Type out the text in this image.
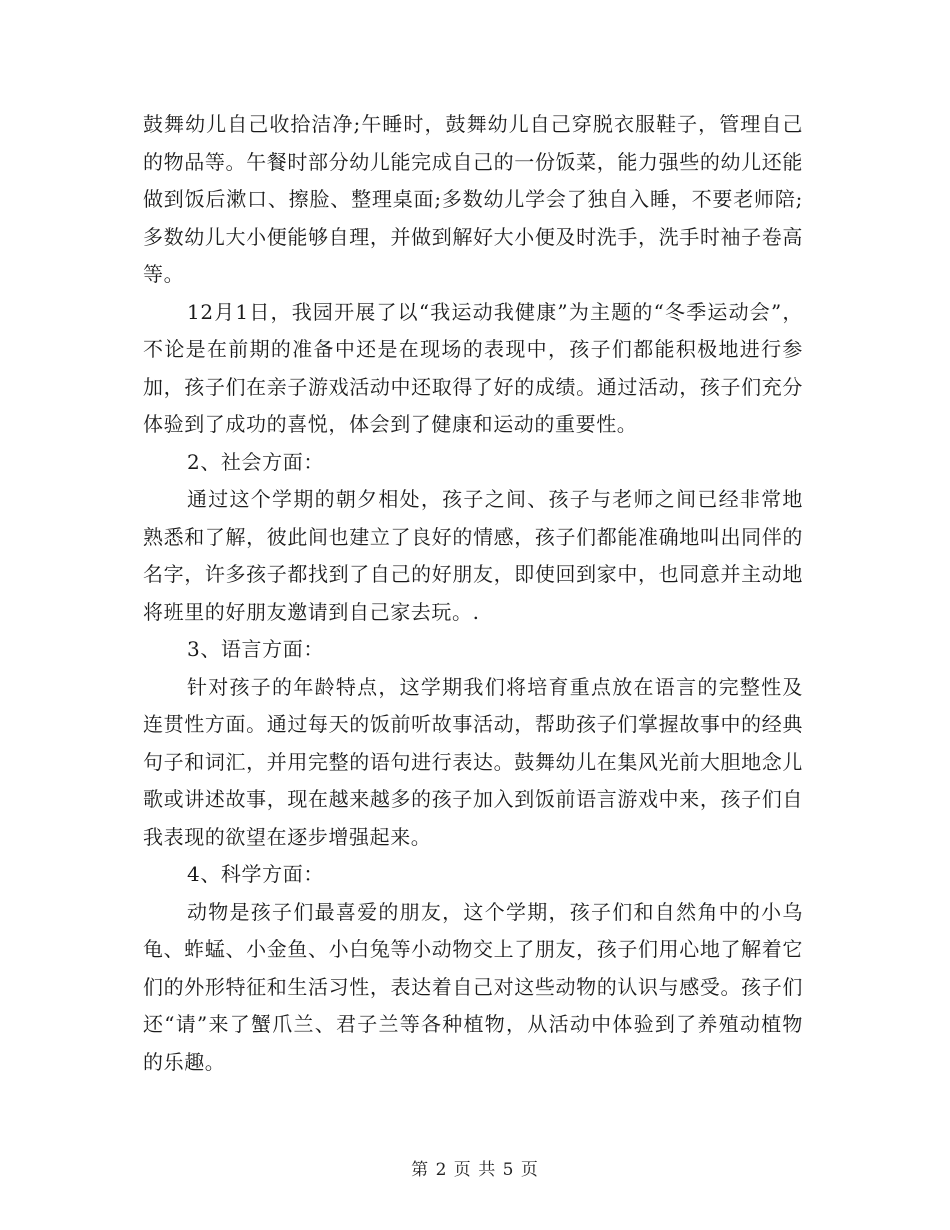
鼓舞幼儿自己收拾洁净;午睡时，鼓舞幼儿自己穿脱衣服鞋子，管理自己的物品等。午餐时部分幼儿能完成自己的一份饭菜，能力强些的幼儿还能做到饭后漱口、擦脸、整理桌面;多数幼儿学会了独自入睡，不要老师陪;多数幼儿大小便能够自理，并做到解好大小便及时洗手，洗手时袖子卷高等。

12月1日，我园开展了以“我运动我健康”为主题的“冬季运动会”，不论是在前期的准备中还是在现场的表现中，孩子们都能积极地进行参加，孩子们在亲子游戏活动中还取得了好的成绩。通过活动，孩子们充分体验到了成功的喜悦，体会到了健康和运动的重要性。

2、社会方面：

通过这个学期的朝夕相处，孩子之间、孩子与老师之间已经非常地熟悉和了解，彼此间也建立了良好的情感，孩子们都能准确地叫出同伴的名字，许多孩子都找到了自己的好朋友，即使回到家中，也同意并主动地将班里的好朋友邀请到自己家去玩。.

3、语言方面：

针对孩子的年龄特点，这学期我们将培育重点放在语言的完整性及连贯性方面。通过每天的饭前听故事活动，帮助孩子们掌握故事中的经典句子和词汇，并用完整的语句进行表达。鼓舞幼儿在集风光前大胆地念儿歌或讲述故事，现在越来越多的孩子加入到饭前语言游戏中来，孩子们自我表现的欲望在逐步增强起来。

4、科学方面：

动物是孩子们最喜爱的朋友，这个学期，孩子们和自然角中的小乌龟、蚱蜢、小金鱼、小白兔等小动物交上了朋友，孩子们用心地了解着它们的外形特征和生活习性，表达着自己对这些动物的认识与感受。孩子们还“请”来了蟹爪兰、君子兰等各种植物，从活动中体验到了养殖动植物的乐趣。

第 2 页 共 5 页
